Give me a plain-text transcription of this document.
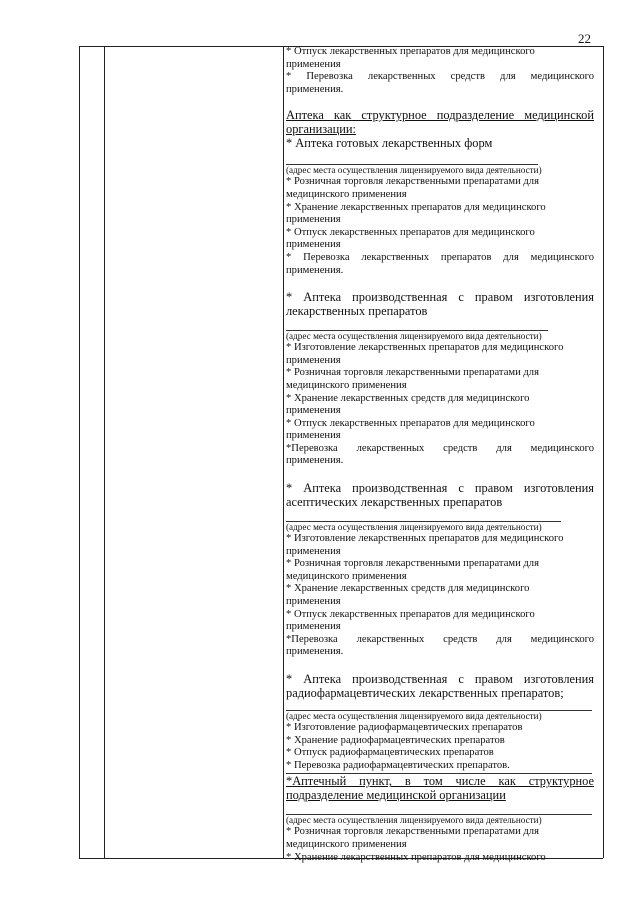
22
* Отпуск лекарственных препаратов для медицинского
применения
* Перевозка лекарственных средств для медицинского
применения.
Аптека как структурное подразделение медицинской
организации:
* Аптека готовых лекарственных форм
(адрес места осуществления лицензируемого вида деятельности)
* Розничная торговля лекарственными препаратами для
медицинского применения
* Хранение лекарственных препаратов для медицинского
применения
* Отпуск лекарственных препаратов для медицинского
применения
* Перевозка лекарственных препаратов для медицинского
применения.
* Аптека производственная с правом изготовления
лекарственных препаратов
(адрес места осуществления лицензируемого вида деятельности)
* Изготовление лекарственных препаратов для медицинского
применения
* Розничная торговля лекарственными препаратами для
медицинского применения
* Хранение лекарственных средств для медицинского
применения
* Отпуск лекарственных препаратов для медицинского
применения
*Перевозка лекарственных средств для медицинского
применения.
* Аптека производственная с правом изготовления
асептических лекарственных препаратов
(адрес места осуществления лицензируемого вида деятельности)
* Изготовление лекарственных препаратов для медицинского
применения
* Розничная торговля лекарственными препаратами для
медицинского применения
* Хранение лекарственных средств для медицинского
применения
* Отпуск лекарственных препаратов для медицинского
применения
*Перевозка лекарственных средств для медицинского
применения.
* Аптека производственная с правом изготовления
радиофармацевтических лекарственных препаратов;
(адрес места осуществления лицензируемого вида деятельности)
* Изготовление радиофармацевтических препаратов
* Хранение радиофармацевтических препаратов
* Отпуск радиофармацевтических препаратов
* Перевозка радиофармацевтических препаратов.
*Аптечный пункт, в том числе как структурное
подразделение медицинской организации
(адрес места осуществления лицензируемого вида деятельности)
* Розничная торговля лекарственными препаратами для
медицинского применения
* Хранение лекарственных препаратов для медицинского
